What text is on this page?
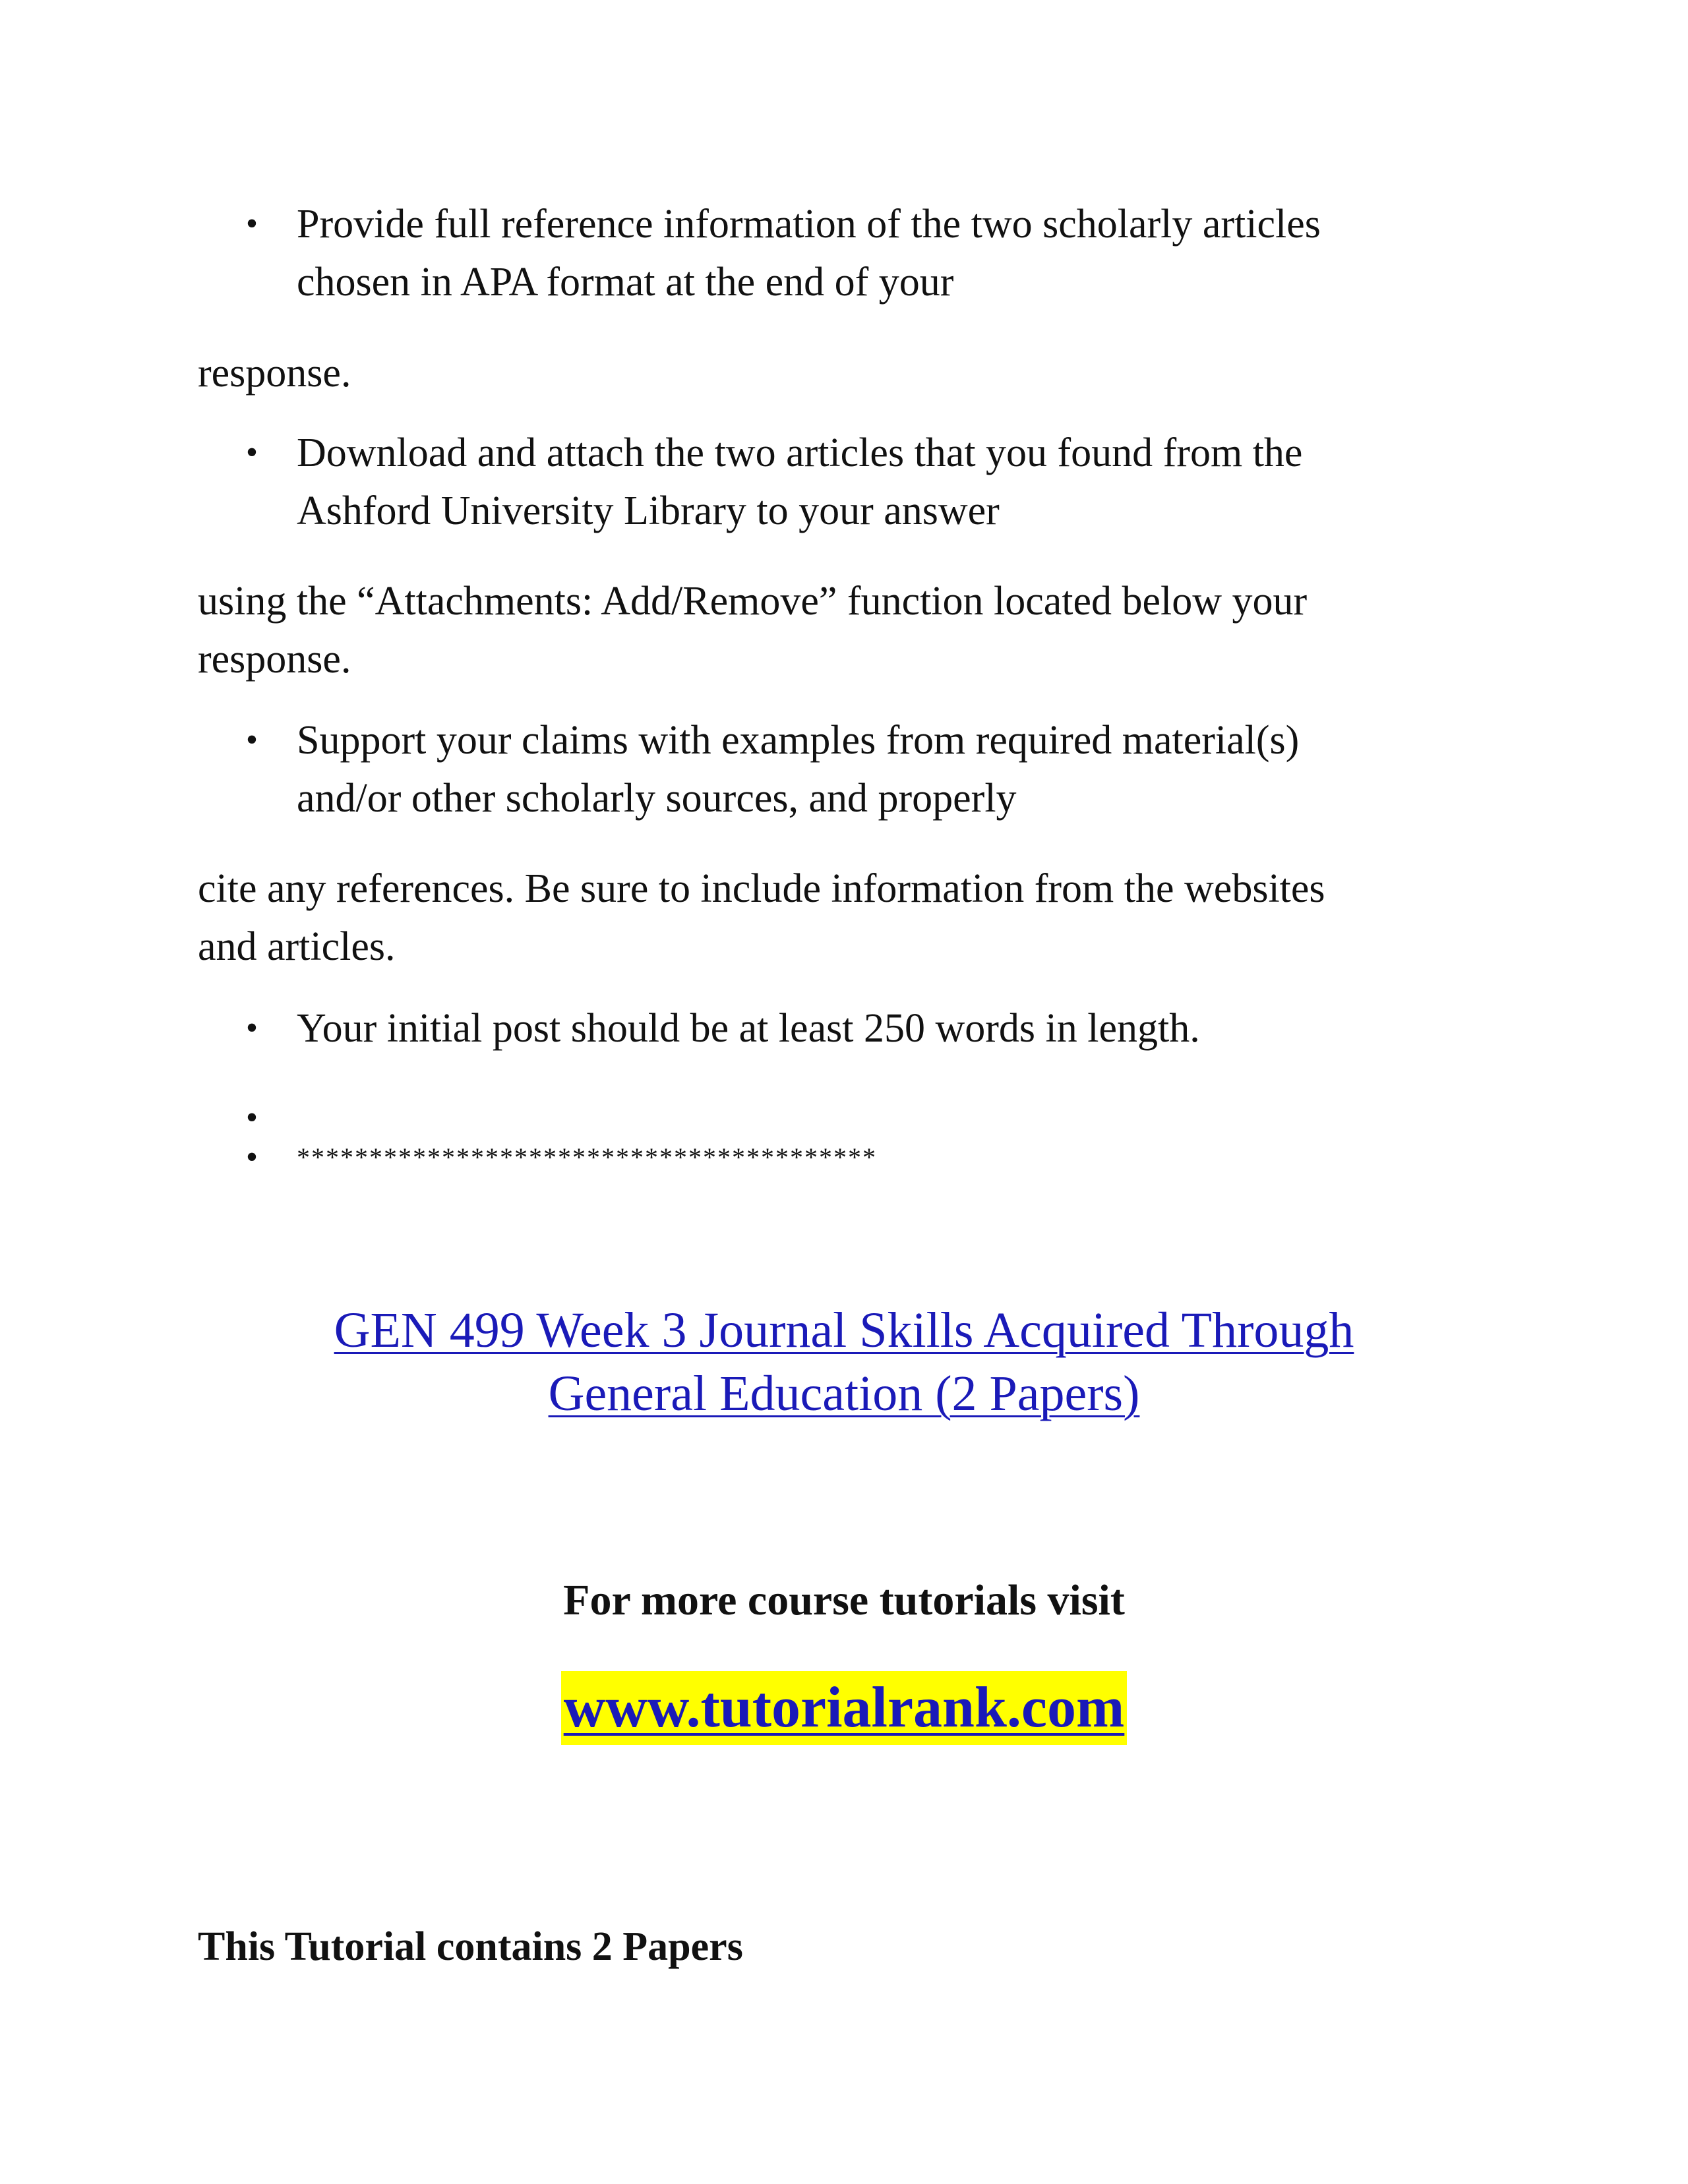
• Provide full reference information of the two scholarly articles
chosen in APA format at the end of your
response.
• Download and attach the two articles that you found from the
Ashford University Library to your answer
using the “Attachments: Add/Remove” function located below your
response.
• Support your claims with examples from required material(s)
and/or other scholarly sources, and properly
cite any references. Be sure to include information from the websites
and articles.
• Your initial post should be at least 250 words in length.
•
• ****************************************
GEN 499 Week 3 Journal Skills Acquired Through
General Education (2 Papers)
For more course tutorials visit
www.tutorialrank.com
This Tutorial contains 2 Papers
